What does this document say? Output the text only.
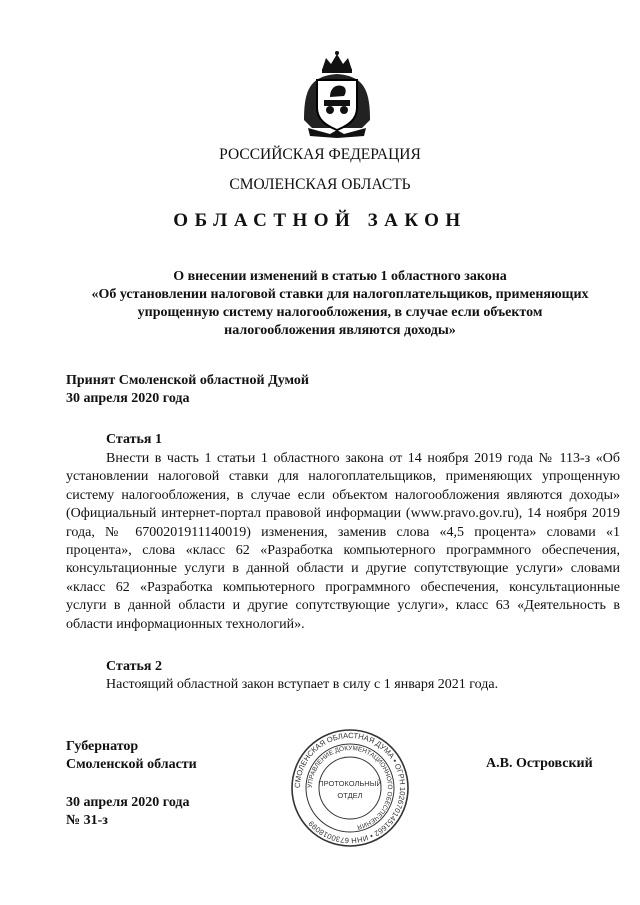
РОССИЙСКАЯ ФЕДЕРАЦИЯ
СМОЛЕНСКАЯ ОБЛАСТЬ
ОБЛАСТНОЙ ЗАКОН
О внесении изменений в статью 1 областного закона
«Об установлении налоговой ставки для налогоплательщиков, применяющих
упрощенную систему налогообложения, в случае если объектом
налогообложения являются доходы»
Принят Смоленской областной Думой
30 апреля 2020 года
Статья 1
Внести в часть 1 статьи 1 областного закона от 14 ноября 2019 года № 113-з «Об установлении налоговой ставки для налогоплательщиков, применяющих упрощенную систему налогообложения, в случае если объектом налогообложения являются доходы» (Официальный интернет-портал правовой информации (www.pravo.gov.ru), 14 ноября 2019 года, № 6700201911140019) изменения, заменив слова «4,5 процента» словами «1 процента», слова «класс 62 «Разработка компьютерного программного обеспечения, консультационные услуги в данной области и другие сопутствующие услуги» словами «класс 62 «Разработка компьютерного программного обеспечения, консультационные услуги в данной области и другие сопутствующие услуги», класс 63 «Деятельность в области информационных технологий».
Статья 2
Настоящий областной закон вступает в силу с 1 января 2021 года.
Губернатор
Смоленской области	А.В. Островский
30 апреля 2020 года
№ 31-з
СМОЛЕНСКАЯ ОБЛАСТНАЯ ДУМА • ОГРН 1026701451662 • ИНН 6730018099
УПРАВЛЕНИЕ ДОКУМЕНТАЦИОННОГО ОБЕСПЕЧЕНИЯ
ПРОТОКОЛЬНЫЙ
ОТДЕЛ
